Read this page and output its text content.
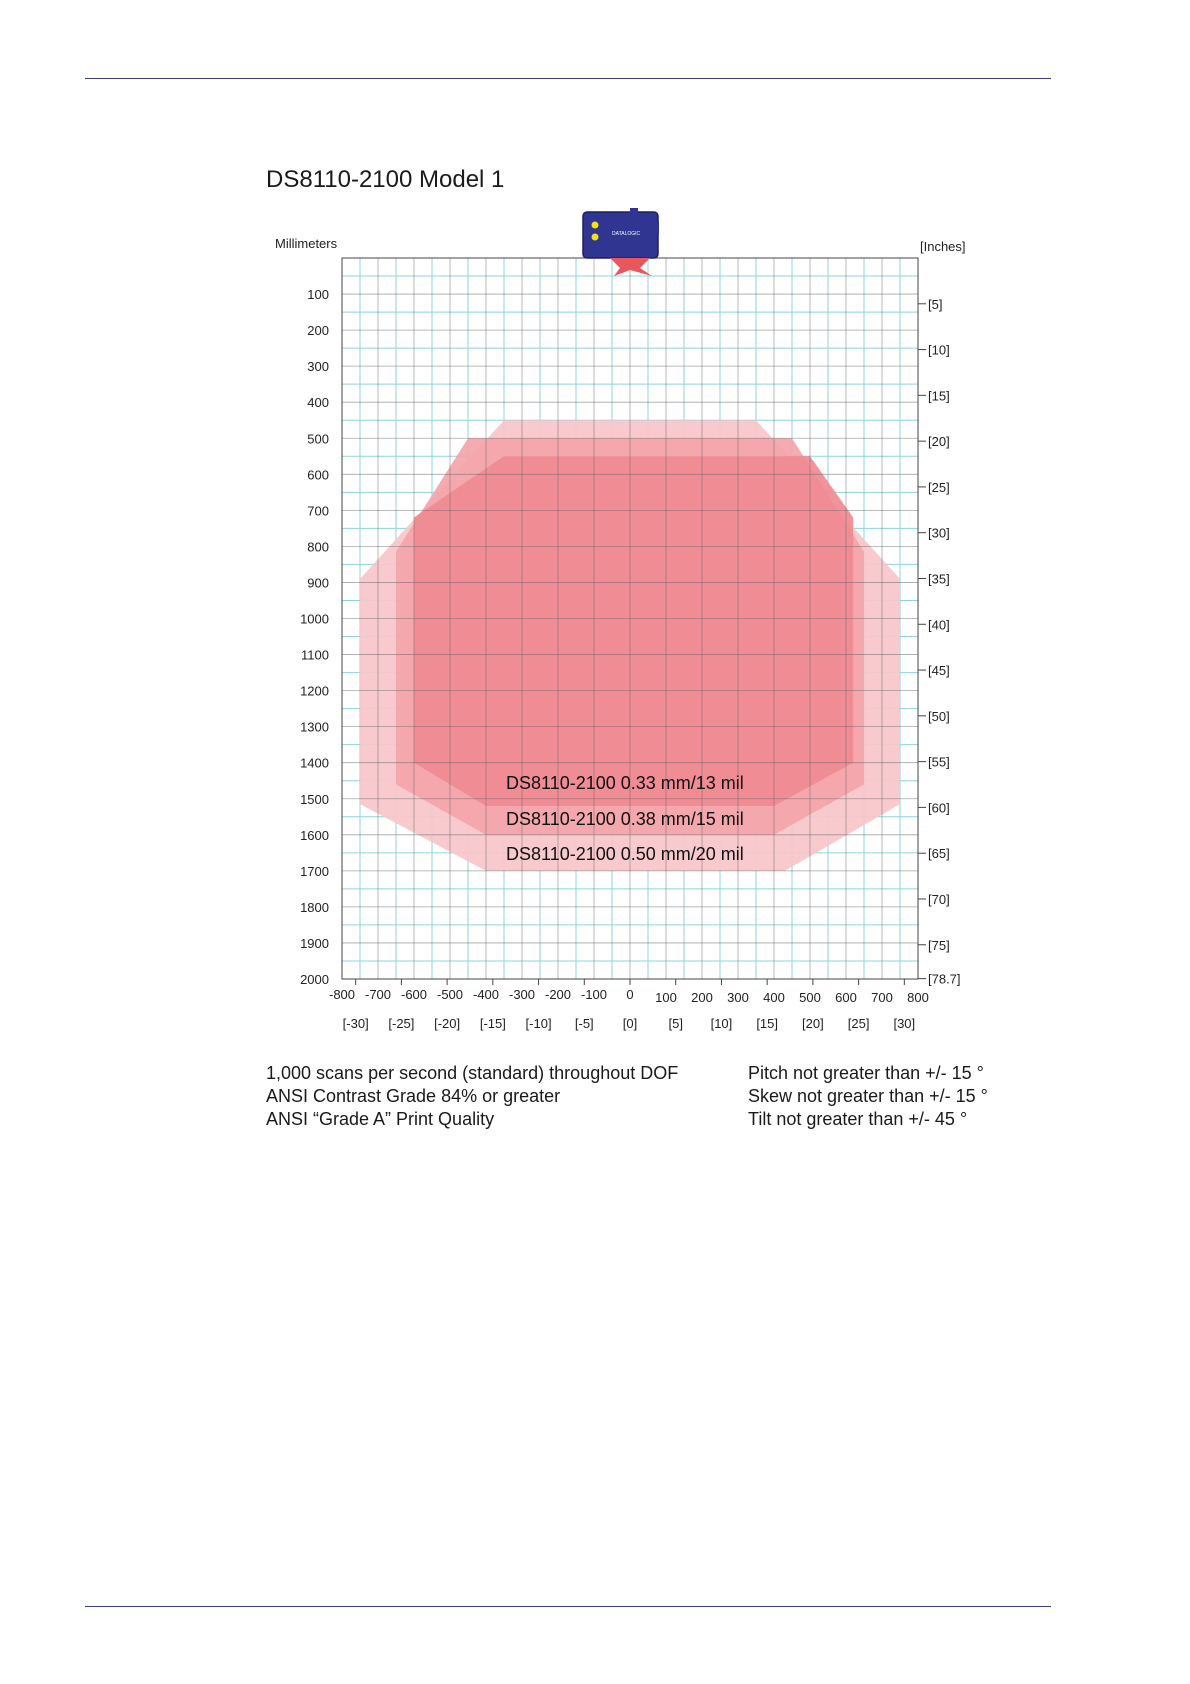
DS8110-2100 Model 1
DATALOGIC
Millimeters	[Inches]
100
200
300
400
500
600
700
800
900
1000
1100
1200
1300
1400
1500
1600
1700
1800
1900
2000
[5]
[10]
[15]
[20]
[25]
[30]
[35]
[40]
[45]
[50]
[55]
[60]
[65]
[70]
[75]
[78.7]
-800 -700 -600 -500 -400 -300 -200 -100 0 100 200 300 400 500 600 700 800
[-30] [-25] [-20] [-15] [-10] [-5] [0] [5] [10] [15] [20] [25] [30]
DS8110-2100 0.33 mm/13 mil
DS8110-2100 0.38 mm/15 mil
DS8110-2100 0.50 mm/20 mil
1,000 scans per second (standard) throughout DOF
ANSI Contrast Grade 84% or greater
ANSI “Grade A” Print Quality
Pitch not greater than +/- 15 °
Skew not greater than +/- 15 °
Tilt not greater than +/- 45 °
